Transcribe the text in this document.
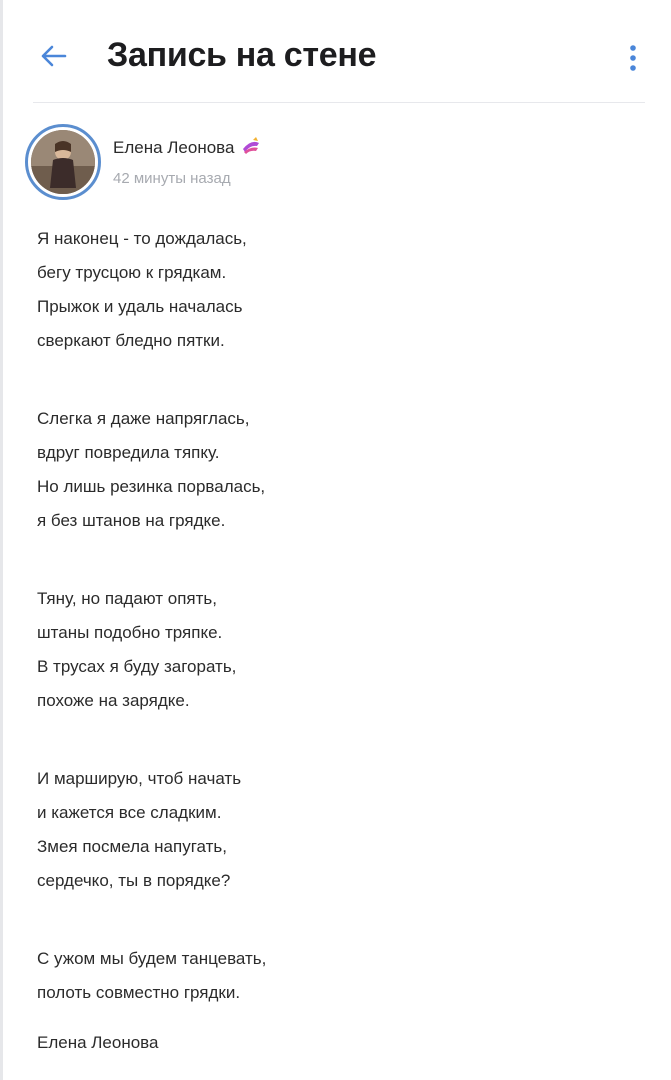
Запись на стене
Елена Леонова
42 минуты назад
Я наконец - то дождалась,
бегу трусцою к грядкам.
Прыжок и удаль началась
сверкают бледно пятки.
Слегка я даже напряглась,
вдруг повредила тяпку.
Но лишь резинка порвалась,
я без штанов на грядке.
Тяну, но падают опять,
штаны подобно тряпке.
В трусах я буду загорать,
похоже на зарядке.
И марширую, чтоб начать
и кажется все сладким.
Змея посмела напугать,
сердечко, ты в порядке?
С ужом мы будем танцевать,
полоть совместно грядки.
Елена Леонова
